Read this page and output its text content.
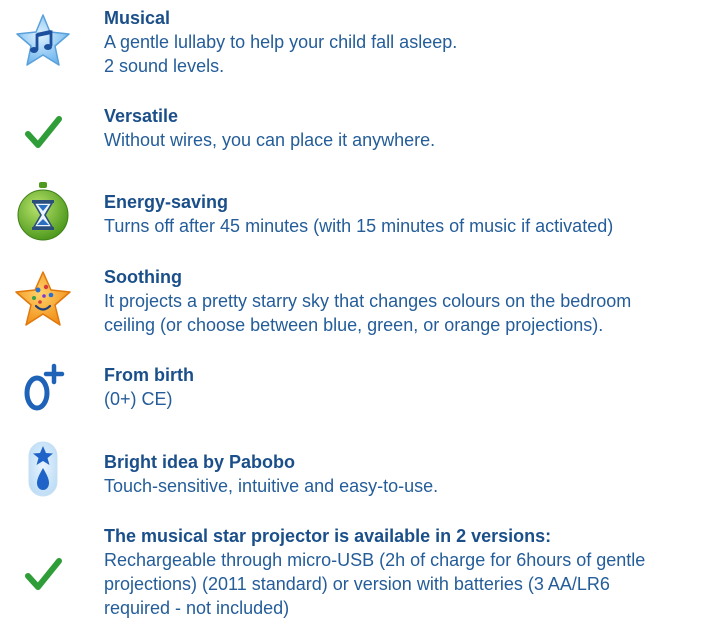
Musical
A gentle lullaby to help your child fall asleep.
2 sound levels.
Versatile
Without wires, you can place it anywhere.
Energy-saving
Turns off after 45 minutes (with 15 minutes of music if activated)
Soothing
It projects a pretty starry sky that changes colours on the bedroom
ceiling (or choose between blue, green, or orange projections).
From birth
(0+) CE)
Bright idea by Pabobo
Touch-sensitive, intuitive and easy-to-use.
The musical star projector is available in 2 versions:
Rechargeable through micro-USB (2h of charge for 6hours of gentle
projections) (2011 standard) or version with batteries (3 AA/LR6
required - not included)
